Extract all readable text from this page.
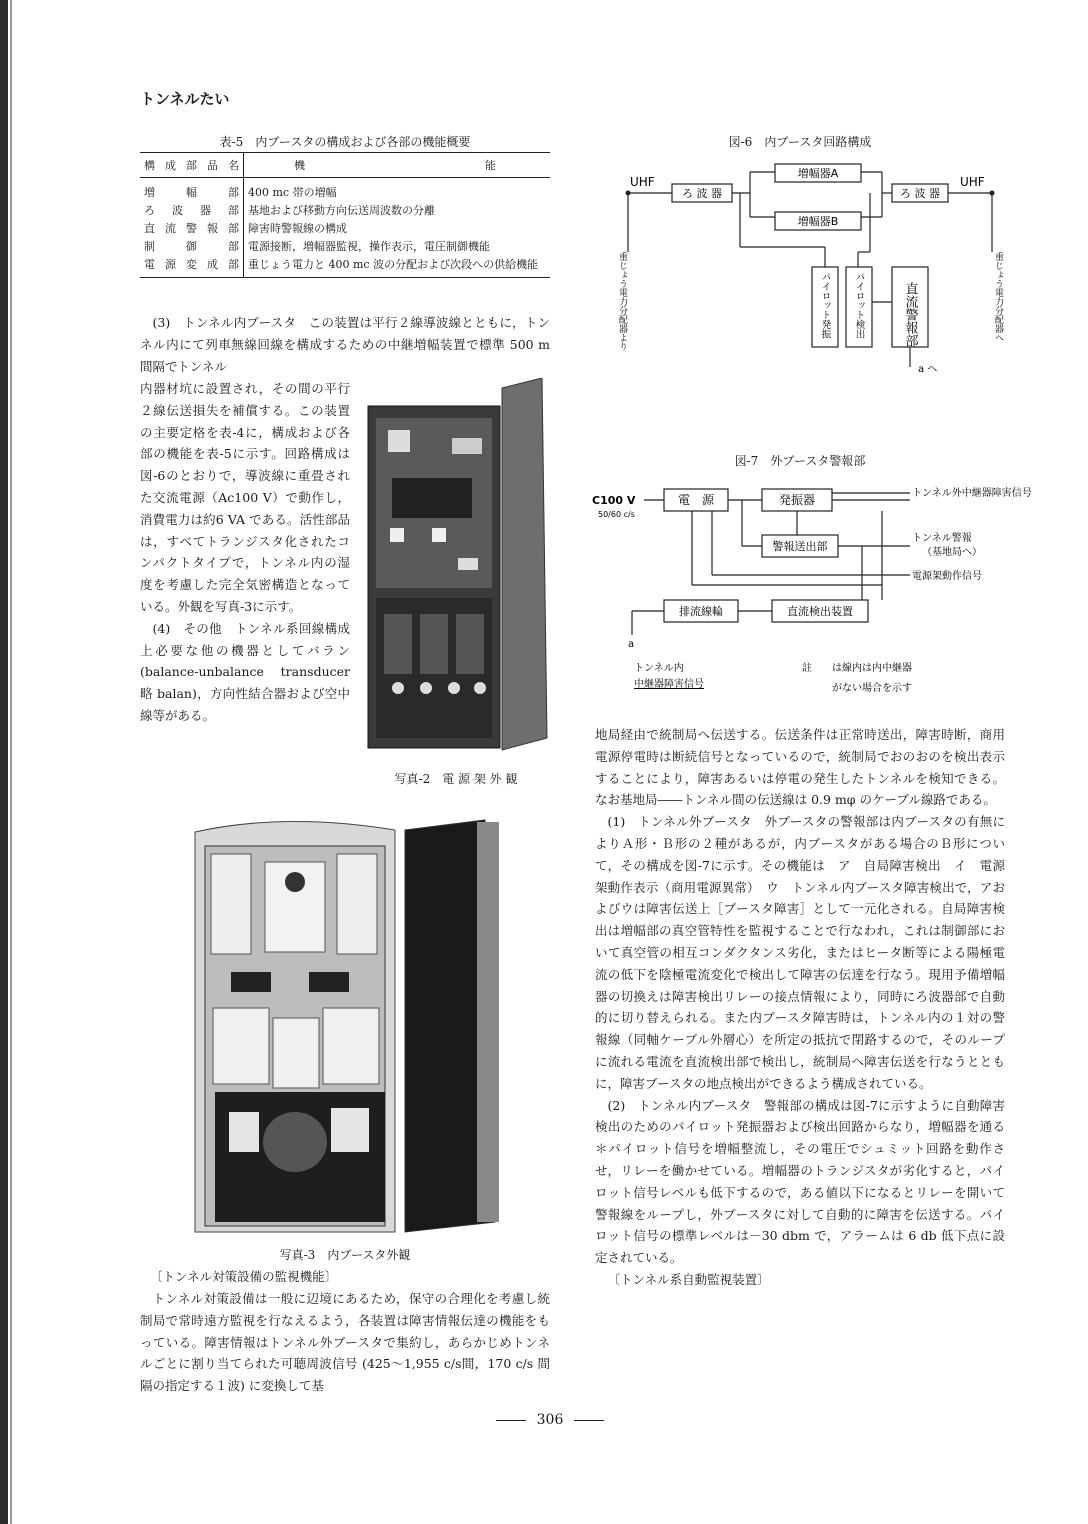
トンネルたい
表-5　内ブースタの構成および各部の機能概要
構成部品名	機 能

増幅部	400 mc 帯の増幅
ろ波器部	基地および移動方向伝送周波数の分離
直流警報部	障害時警報線の構成
制御部	電源接断，増幅器監視，操作表示，電圧制御機能
電源変成部	重じょう電力と 400 mc 波の分配および次段への供給機能

(3)　トンネル内ブースタ　この装置は平行２線導波線とともに，トンネル内にて列車無線回線を構成するための中継増幅装置で標準 500 m 間隔でトンネル

内器材坑に設置され，その間の平行２線伝送損失を補償する。この装置の主要定格を表-4に，構成および各部の機能を表-5に示す。回路構成は図-6のとおりで，導波線に重畳された交流電源（Ac100 V）で動作し，消費電力は約6 VA である。活性部品は，すべてトランジスタ化されたコンパクトタイプで，トンネル内の湿度を考慮した完全気密構造となっている。外観を写真-3に示す。

(4)　その他　トンネル系回線構成上必要な他の機器としてバラン (balance-unbalance transducer 略 balan)，方向性結合器および空中線等がある。

写真-2　電 源 架 外 観
写真-3　内ブースタ外観

〔トンネル対策設備の監視機能〕

トンネル対策設備は一般に辺境にあるため，保守の合理化を考慮し統制局で常時遠方監視を行なえるよう，各装置は障害情報伝達の機能をもっている。障害情報はトンネル外ブースタで集約し，あらかじめトンネルごとに割り当てられた可聴周波信号 (425～1,955 c/s間，170 c/s 間隔の指定する１波) に変換して基

図-6　内ブースタ回路構成
UHF	UHF
ろ 波 器	ろ 波 器
増幅器A
増幅器B
パイロット発振 パイロット検出	直流警報部
重じょう電力分配器より	重じょう電力分配器へ
a へ
図-7　外ブースタ警報部
C100 V
50/60 c/s
電　源	発振器
警報送出部
排流線輪	直流検出装置
トンネル外中継器障害信号
トンネル警報
（基地局へ）
電源架動作信号
a
トンネル内
中継器障害信号
註 は線内は内中継器
がない場合を示す

地局経由で統制局へ伝送する。伝送条件は正常時送出，障害時断，商用電源停電時は断続信号となっているので，統制局でおのおのを検出表示することにより，障害あるいは停電の発生したトンネルを検知できる。なお基地局――トンネル間の伝送線は 0.9 mφ のケーブル線路である。

(1)　トンネル外ブースタ　外ブースタの警報部は内ブースタの有無によりＡ形・Ｂ形の２種があるが，内ブースタがある場合のＢ形について，その構成を図-7に示す。その機能は　ア　自局障害検出　イ　電源架動作表示（商用電源異常）　ウ　トンネル内ブースタ障害検出で，アおよびウは障害伝送上［ブースタ障害］として一元化される。自局障害検出は増幅部の真空管特性を監視することで行なわれ，これは制御部において真空管の相互コンダクタンス劣化，またはヒータ断等による陽極電流の低下を陰極電流変化で検出して障害の伝達を行なう。現用予備増幅器の切換えは障害検出リレーの接点情報により，同時にろ波器部で自動的に切り替えられる。また内ブースタ障害時は，トンネル内の１対の警報線（同軸ケーブル外層心）を所定の抵抗で閉路するので，そのループに流れる電流を直流検出部で検出し，統制局へ障害伝送を行なうとともに，障害ブースタの地点検出ができるよう構成されている。

(2)　トンネル内ブースタ　警報部の構成は図-7に示すように自動障害検出のためのパイロット発振器および検出回路からなり，増幅器を通る＊パイロット信号を増幅整流し，その電圧でシュミット回路を動作させ，リレーを働かせている。増幅器のトランジスタが劣化すると，パイロット信号レベルも低下するので，ある値以下になるとリレーを開いて警報線をループし，外ブースタに対して自動的に障害を伝送する。パイロット信号の標準レベルは－30 dbm で，アラームは 6 db 低下点に設定されている。

〔トンネル系自動監視装置〕

306
